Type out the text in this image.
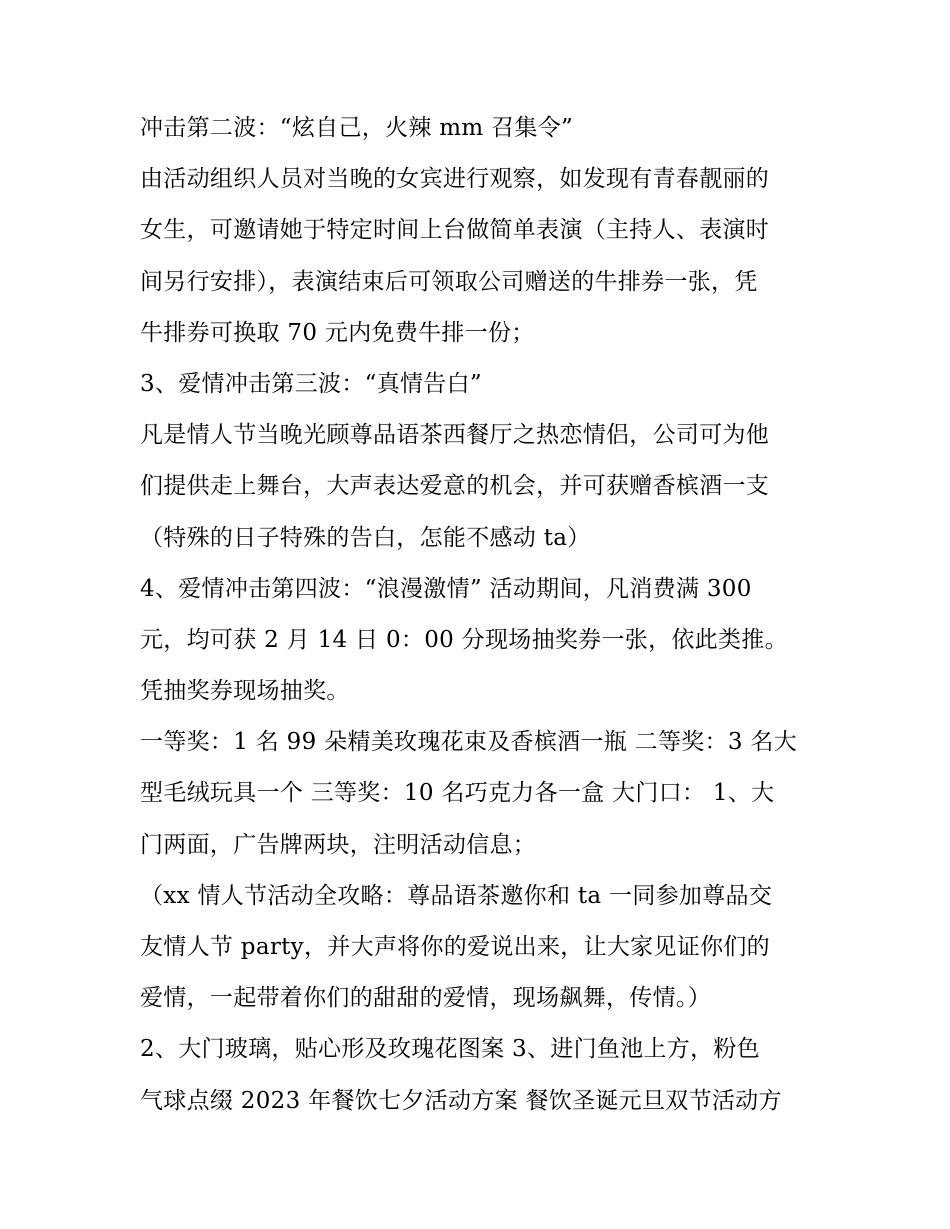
冲击第二波：“炫自己，火辣 mm 召集令”
由活动组织人员对当晚的女宾进行观察，如发现有青春靓丽的
女生，可邀请她于特定时间上台做简单表演（主持人、表演时
间另行安排），表演结束后可领取公司赠送的牛排券一张，凭
牛排券可换取 70 元内免费牛排一份；
3、爱情冲击第三波：“真情告白”
凡是情人节当晚光顾尊品语茶西餐厅之热恋情侣，公司可为他
们提供走上舞台，大声表达爱意的机会，并可获赠香槟酒一支
（特殊的日子特殊的告白，怎能不感动 ta）
4、爱情冲击第四波：“浪漫激情” 活动期间，凡消费满 300
元，均可获 2 月 14 日 0：00 分现场抽奖券一张，依此类推。
凭抽奖券现场抽奖。
一等奖：1 名 99 朵精美玫瑰花束及香槟酒一瓶 二等奖：3 名大
型毛绒玩具一个 三等奖：10 名巧克力各一盒 大门口： 1、大
门两面，广告牌两块，注明活动信息；
（xx 情人节活动全攻略：尊品语茶邀你和 ta 一同参加尊品交
友情人节 party，并大声将你的爱说出来，让大家见证你们的
爱情，一起带着你们的甜甜的爱情，现场飙舞，传情。）
2、大门玻璃，贴心形及玫瑰花图案 3、进门鱼池上方，粉色
气球点缀 2023 年餐饮七夕活动方案 餐饮圣诞元旦双节活动方
